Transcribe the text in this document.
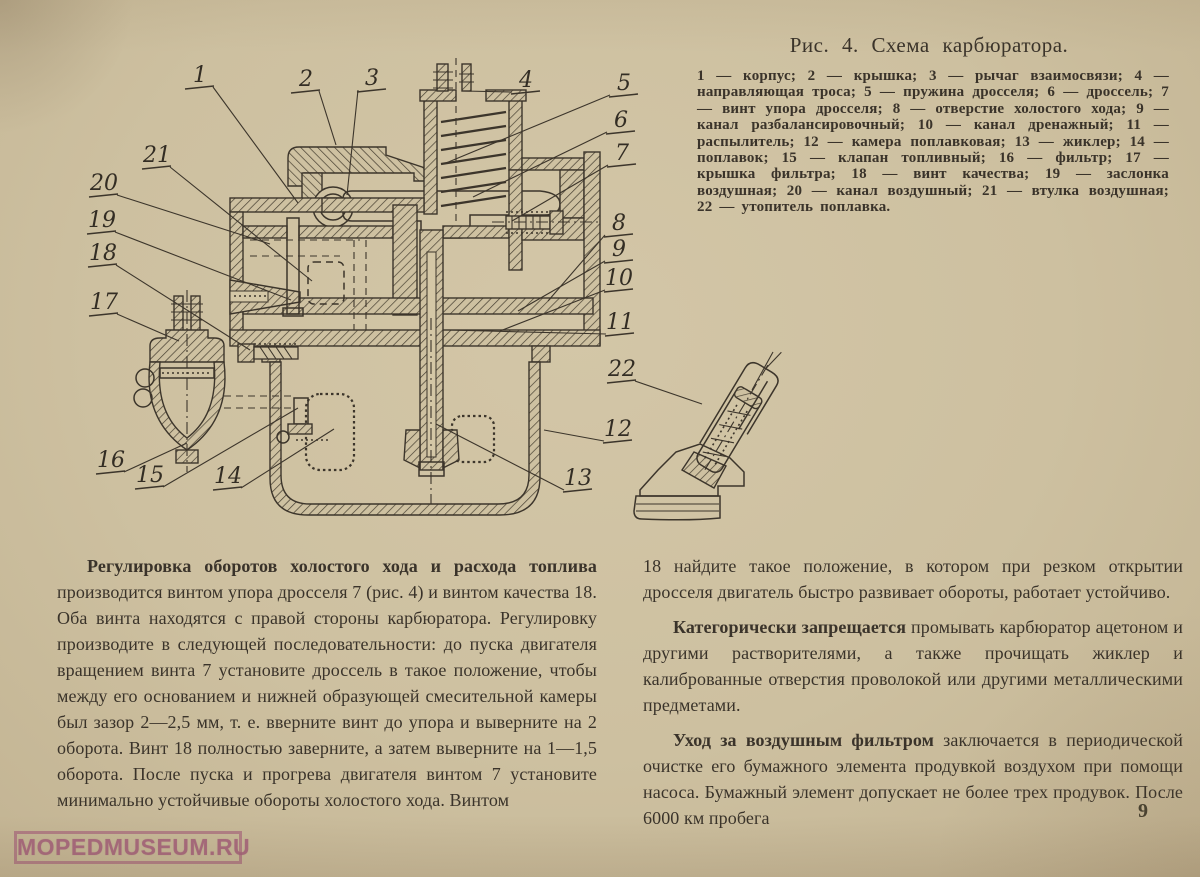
1	2 3	4	5
6
7
8
9
10
11
22
12
13
21
20
19
18
17
16
15 14
Рис. 4. Схема карбюратора.
1 — корпус; 2 — крышка; 3 — рычаг взаимосвязи; 4 — направляющая троса; 5 — пружина дросселя; 6 — дроссель; 7 — винт упора дросселя; 8 — отверстие холостого хода; 9 — канал разбалансировочный; 10 — канал дренажный; 11 — распылитель; 12 — камера поплавковая; 13 — жиклер; 14 — поплавок; 15 — клапан топливный; 16 — фильтр; 17 — крышка фильтра; 18 — винт качества; 19 — заслонка воздушная; 20 — канал воздушный; 21 — втулка воздушная; 22 — утопитель поплавка.

Регулировка оборотов холостого хода и расхода топлива производится винтом упора дросселя 7 (рис. 4) и винтом качества 18. Оба винта находятся с правой стороны карбюратора. Регулировку производите в следующей последовательности: до пуска двигателя вращением винта 7 установите дроссель в такое положение, чтобы между его основанием и нижней образующей смесительной камеры был зазор 2—2,5 мм, т. е. вверните винт до упора и выверните на 2 оборота. Винт 18 полностью заверните, а затем выверните на 1—1,5 оборота. После пуска и прогрева двигателя винтом 7 установите минимально устойчивые обороты холостого хода. Винтом

18 найдите такое положение, в котором при резком открытии дросселя двигатель быстро развивает обороты, работает устойчиво.

Категорически запрещается промывать карбюратор ацетоном и другими растворителями, а также прочищать жиклер и калиброванные отверстия проволокой или другими металлическими предметами.

Уход за воздушным фильтром заключается в периодической очистке его бумажного элемента продувкой воздухом при помощи насоса. Бумажный элемент допускает не более трех продувок. После 6000 км пробега	9
MOPEDMUSEUM.RU
